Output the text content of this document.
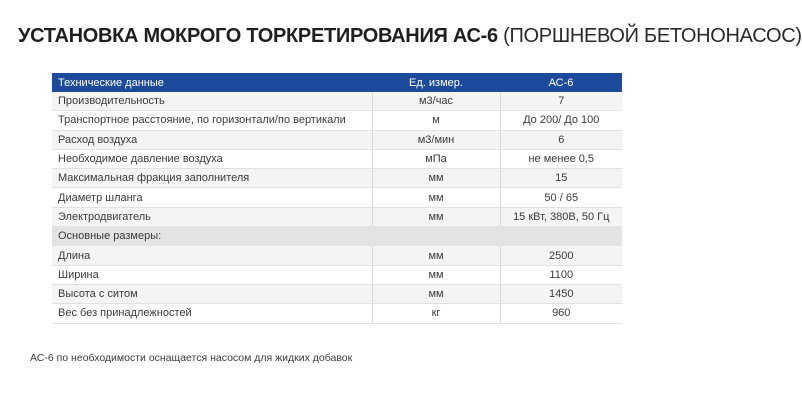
УСТАНОВКА МОКРОГО ТОРКРЕТИРОВАНИЯ АС-6 (ПОРШНЕВОЙ БЕТОНОНАСОС)
Технические данные	Ед. измер.	АС-6
Производительность	м3/час	7
Транспортное расстояние, по горизонтали/по вертикали	м	До 200/ До 100
Расход воздуха	м3/мин	6
Необходимое давление воздуха	мПа	не менее 0,5
Максимальная фракция заполнителя	мм	15
Диаметр шланга	мм	50 / 65
Электродвигатель	мм	15 кВт, 380В, 50 Гц
Основные размеры:		
Длина	мм	2500
Ширина	мм	1100
Высота с ситом	мм	1450
Вес без принадлежностей	кг	960
АС-6 по необходимости оснащается насосом для жидких добавок
